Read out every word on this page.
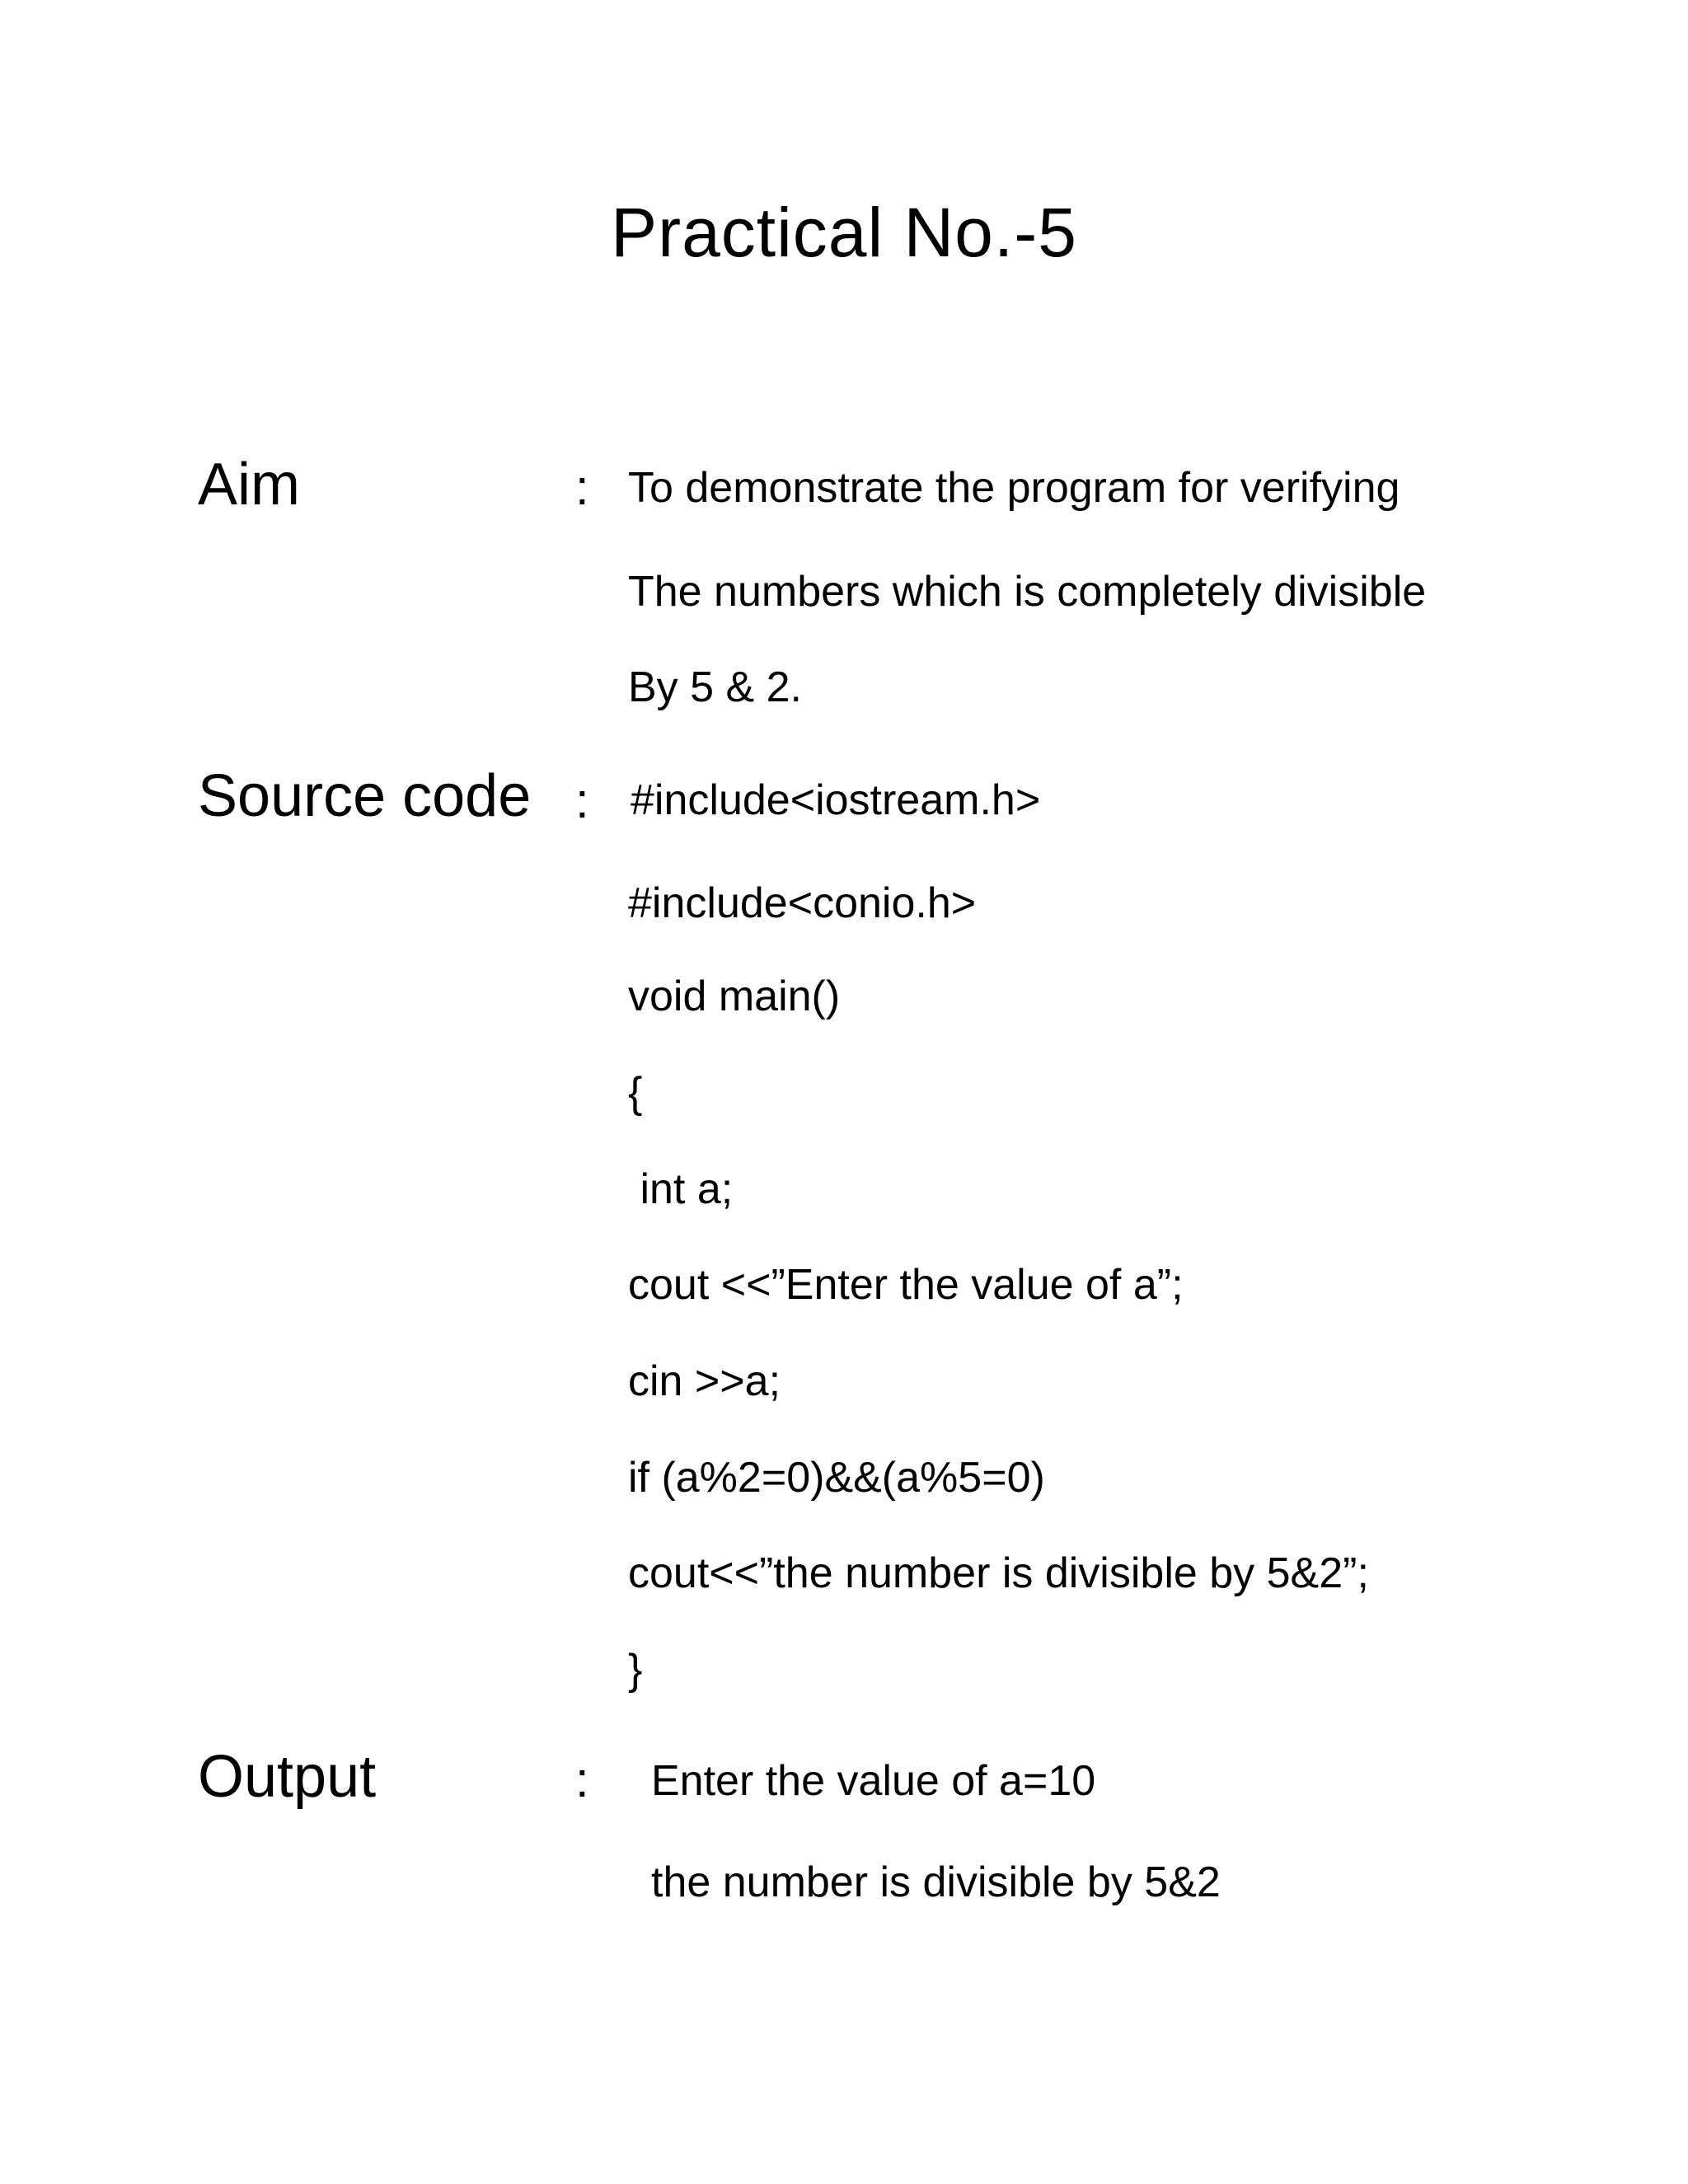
Practical No.-5
Aim	: To demonstrate the program for verifying
The numbers which is completely divisible
By 5 & 2.
Source code : #include<iostream.h>
#include<conio.h>
void main()
{
int a;
cout <<”Enter the value of a”;
cin >>a;
if (a%2=0)&&(a%5=0)
cout<<”the number is divisible by 5&2”;
}
Output	: Enter the value of a=10
the number is divisible by 5&2
